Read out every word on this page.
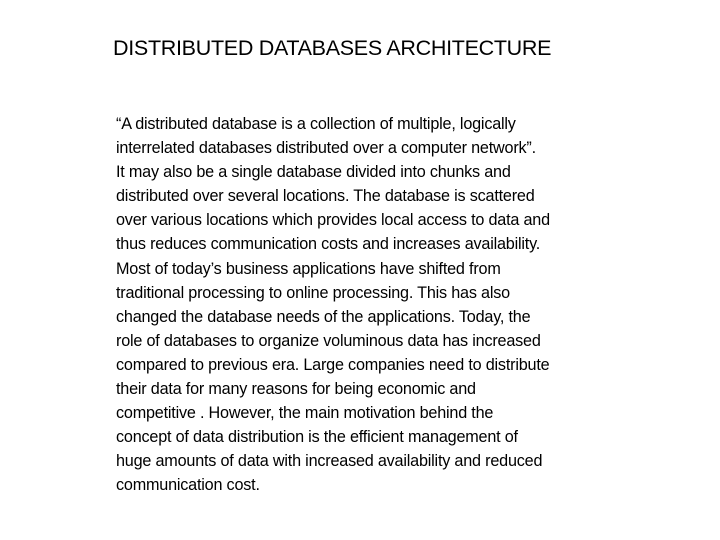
DISTRIBUTED DATABASES ARCHITECTURE
“A distributed database is a collection of multiple, logically
interrelated databases distributed over a computer network”.
It may also be a single database divided into chunks and
distributed over several locations. The database is scattered
over various locations which provides local access to data and
thus reduces communication costs and increases availability.
Most of today’s business applications have shifted from
traditional processing to online processing. This has also
changed the database needs of the applications. Today, the
role of databases to organize voluminous data has increased
compared to previous era. Large companies need to distribute
their data for many reasons for being economic and
competitive . However, the main motivation behind the
concept of data distribution is the efficient management of
huge amounts of data with increased availability and reduced
communication cost.
